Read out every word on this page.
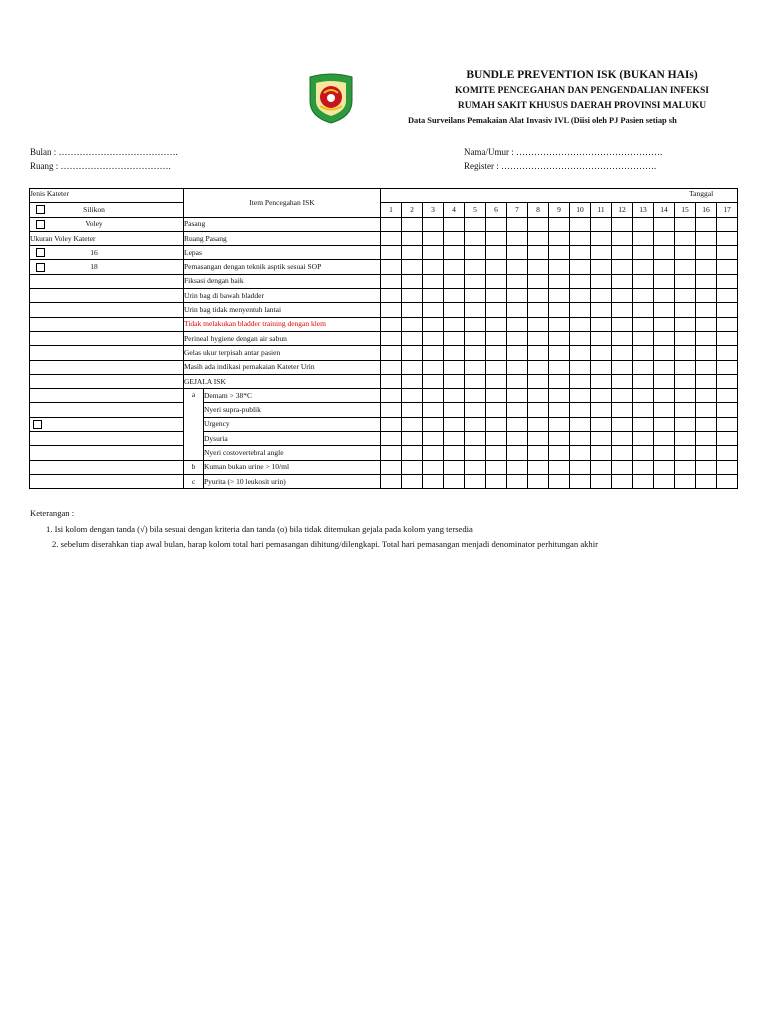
BUNDLE PREVENTION ISK (BUKAN HAIs)
KOMITE PENCEGAHAN DAN PENGENDALIAN INFEKSI
RUMAH SAKIT KHUSUS DAERAH PROVINSI MALUKU
Data Surveilans Pemakaian Alat Invasiv IVL (Diisi oleh PJ Pasien setiap sh
Bulan : ………………………………….
Ruang : ……………………………….
Nama/Umur : ………………………………………….
Register : …………………………………………….
Jenis Kateter	Item Pencegahan ISK		Tanggal																

Silikon			1	2	3	4	5	6	7	8	9	10	11	12	13	14	15	16	17

Voley	Pasang																		
Ukuran Voley Kateter	Ruang Pasang																		

16	Lepas																		

18	Pemasangan dengan teknik asptik sesuai SOP																		
	Fiksasi dengan baik																		
	Urin bag di bawah bladder																		
	Urin bag tidak menyentuh lantai																		
	Tidak melakukan bladder training dengan klem																		
	Perineal hygiene dengan air sabun																		
	Gelas ukur terpisah antar pasien																		
	Masih ada indikasi pemakaian Kateter Urin																		
	GEJALA ISK																		
	a	Demam > 38*C																	
		Nyeri supra-publik																	
		Urgency																	
		Dysuria																	
		Nyeri costovertebral angle																	
	b	Kuman bukan urine > 10/ml																	
	c	Pyurita (> 10 leukosit urin)																	
Keterangan :
1. Isi kolom dengan tanda (√) bila sesuai dengan kriteria dan tanda (o) bila tidak ditemukan gejala pada kolom yang tersedia
2. sebelum diserahkan tiap awal bulan, harap kolom total hari pemasangan dihitung/dilengkapi. Total hari pemasangan menjadi denominator perhitungan akhir
